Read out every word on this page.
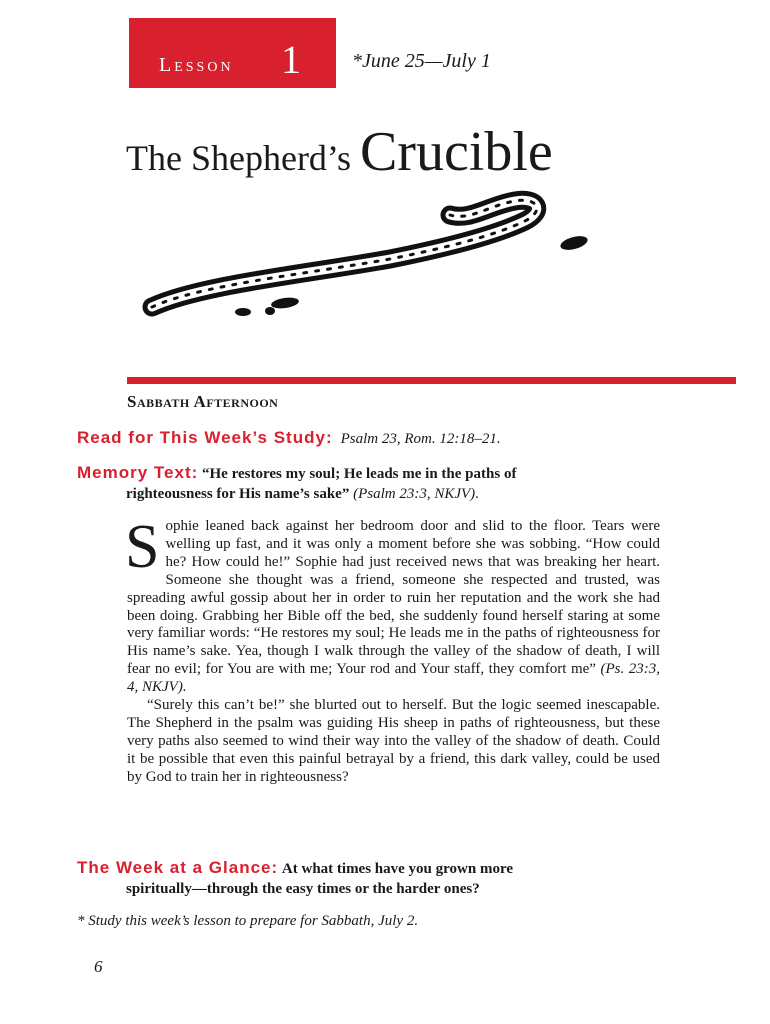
Lesson 1	*June 25—July 1
The Shepherd’s Crucible
Sabbath Afternoon
Read for This Week’s Study: Psalm 23, Rom. 12:18–21.
Memory Text: “He restores my soul; He leads me in the paths of
righteousness for His name’s sake” (Psalm 23:3, NKJV).

Sophie leaned back against her bedroom door and slid to the floor. Tears were welling up fast, and it was only a moment before she was sobbing. “How could he? How could he!” Sophie had just received news that was breaking her heart. Someone she thought was a friend, someone she respected and trusted, was spreading awful gossip about her in order to ruin her reputation and the work she had been doing. Grabbing her Bible off the bed, she suddenly found herself staring at some very familiar words: “He restores my soul; He leads me in the paths of righteousness for His name’s sake. Yea, though I walk through the valley of the shadow of death, I will fear no evil; for You are with me; Your rod and Your staff, they comfort me” (Ps. 23:3, 4, NKJV).

“Surely this can’t be!” she blurted out to herself. But the logic seemed inescapable. The Shepherd in the psalm was guiding His sheep in paths of righteousness, but these very paths also seemed to wind their way into the valley of the shadow of death. Could it be possible that even this painful betrayal by a friend, this dark valley, could be used by God to train her in righteousness?

The Week at a Glance: At what times have you grown more
spiritually—through the easy times or the harder ones?
* Study this week’s lesson to prepare for Sabbath, July 2.
6
